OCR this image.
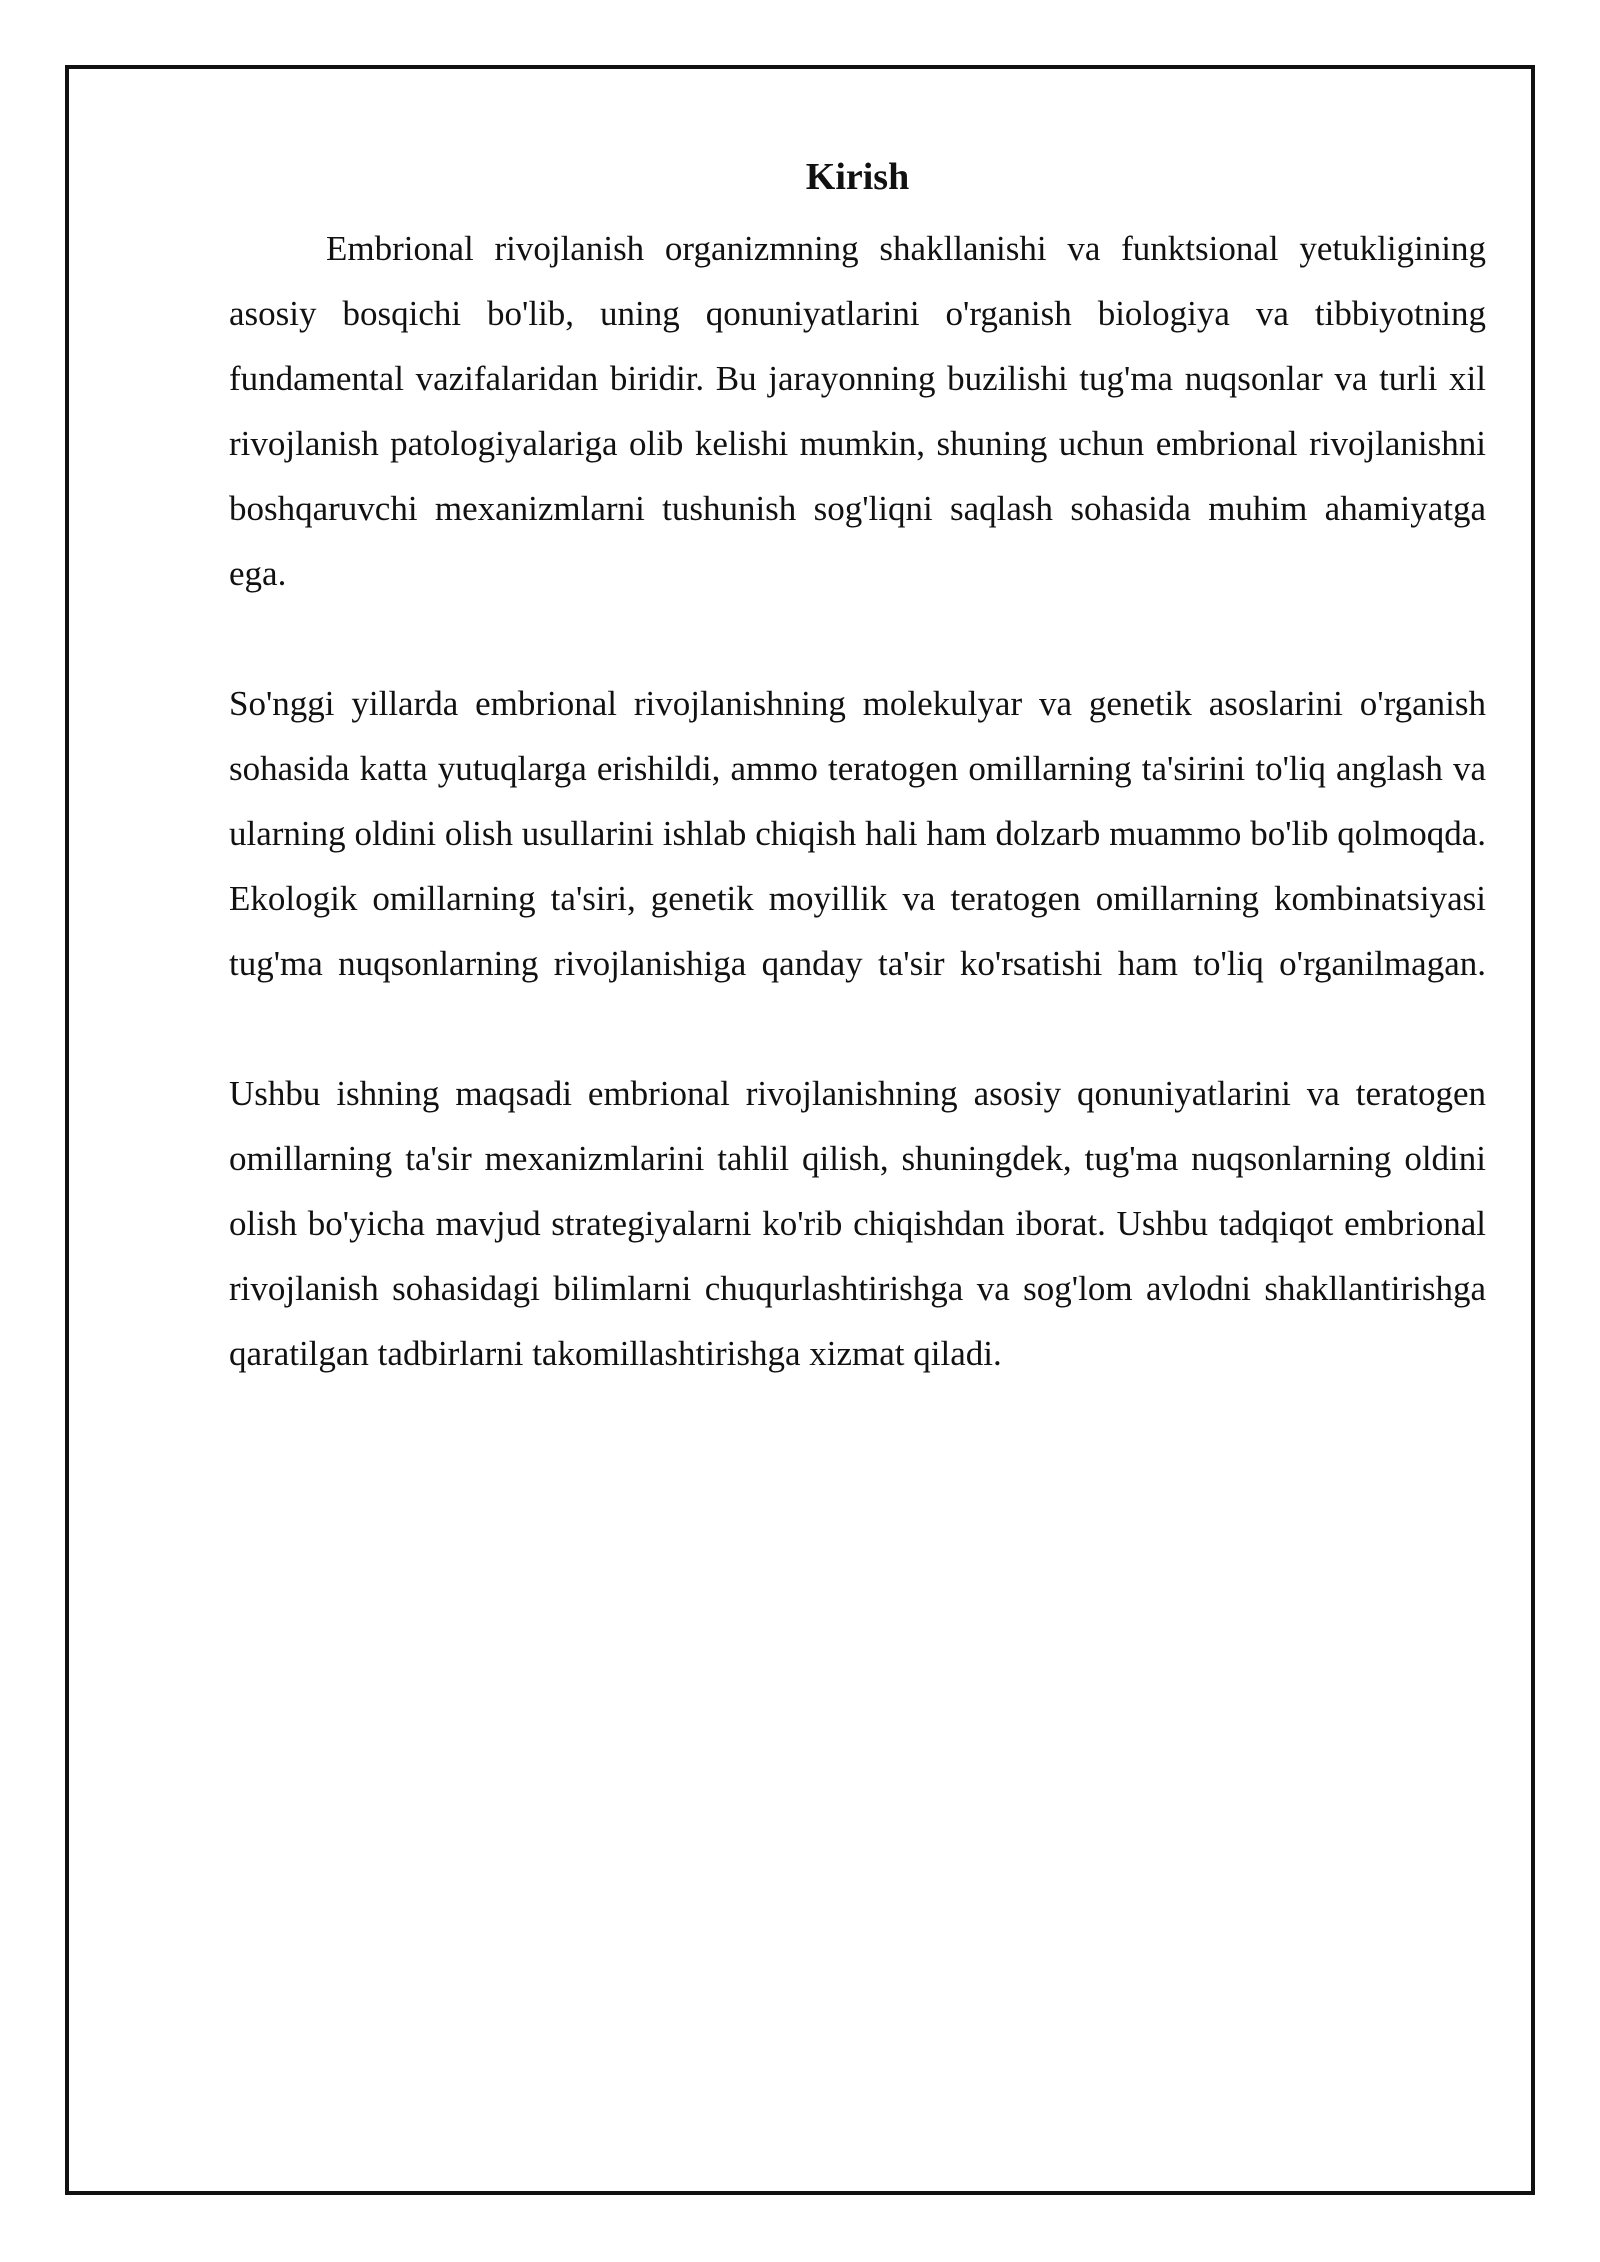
Kirish

Embrional rivojlanish organizmning shakllanishi va funktsional yetukligining asosiy bosqichi bo'lib, uning qonuniyatlarini o'rganish biologiya va tibbiyotning fundamental vazifalaridan biridir. Bu jarayonning buzilishi tug'ma nuqsonlar va turli xil rivojlanish patologiyalariga olib kelishi mumkin, shuning uchun embrional rivojlanishni boshqaruvchi mexanizmlarni tushunish sog'liqni saqlash sohasida muhim ahamiyatga ega.

So'nggi yillarda embrional rivojlanishning molekulyar va genetik asoslarini o'rganish sohasida katta yutuqlarga erishildi, ammo teratogen omillarning ta'sirini to'liq anglash va ularning oldini olish usullarini ishlab chiqish hali ham dolzarb muammo bo'lib qolmoqda. Ekologik omillarning ta'siri, genetik moyillik va teratogen omillarning kombinatsiyasi tug'ma nuqsonlarning rivojlanishiga qanday ta'sir ko'rsatishi ham to'liq o'rganilmagan.

Ushbu ishning maqsadi embrional rivojlanishning asosiy qonuniyatlarini va teratogen omillarning ta'sir mexanizmlarini tahlil qilish, shuningdek, tug'ma nuqsonlarning oldini olish bo'yicha mavjud strategiyalarni ko'rib chiqishdan iborat. Ushbu tadqiqot embrional rivojlanish sohasidagi bilimlarni chuqurlashtirishga va sog'lom avlodni shakllantirishga qaratilgan tadbirlarni takomillashtirishga xizmat qiladi.
